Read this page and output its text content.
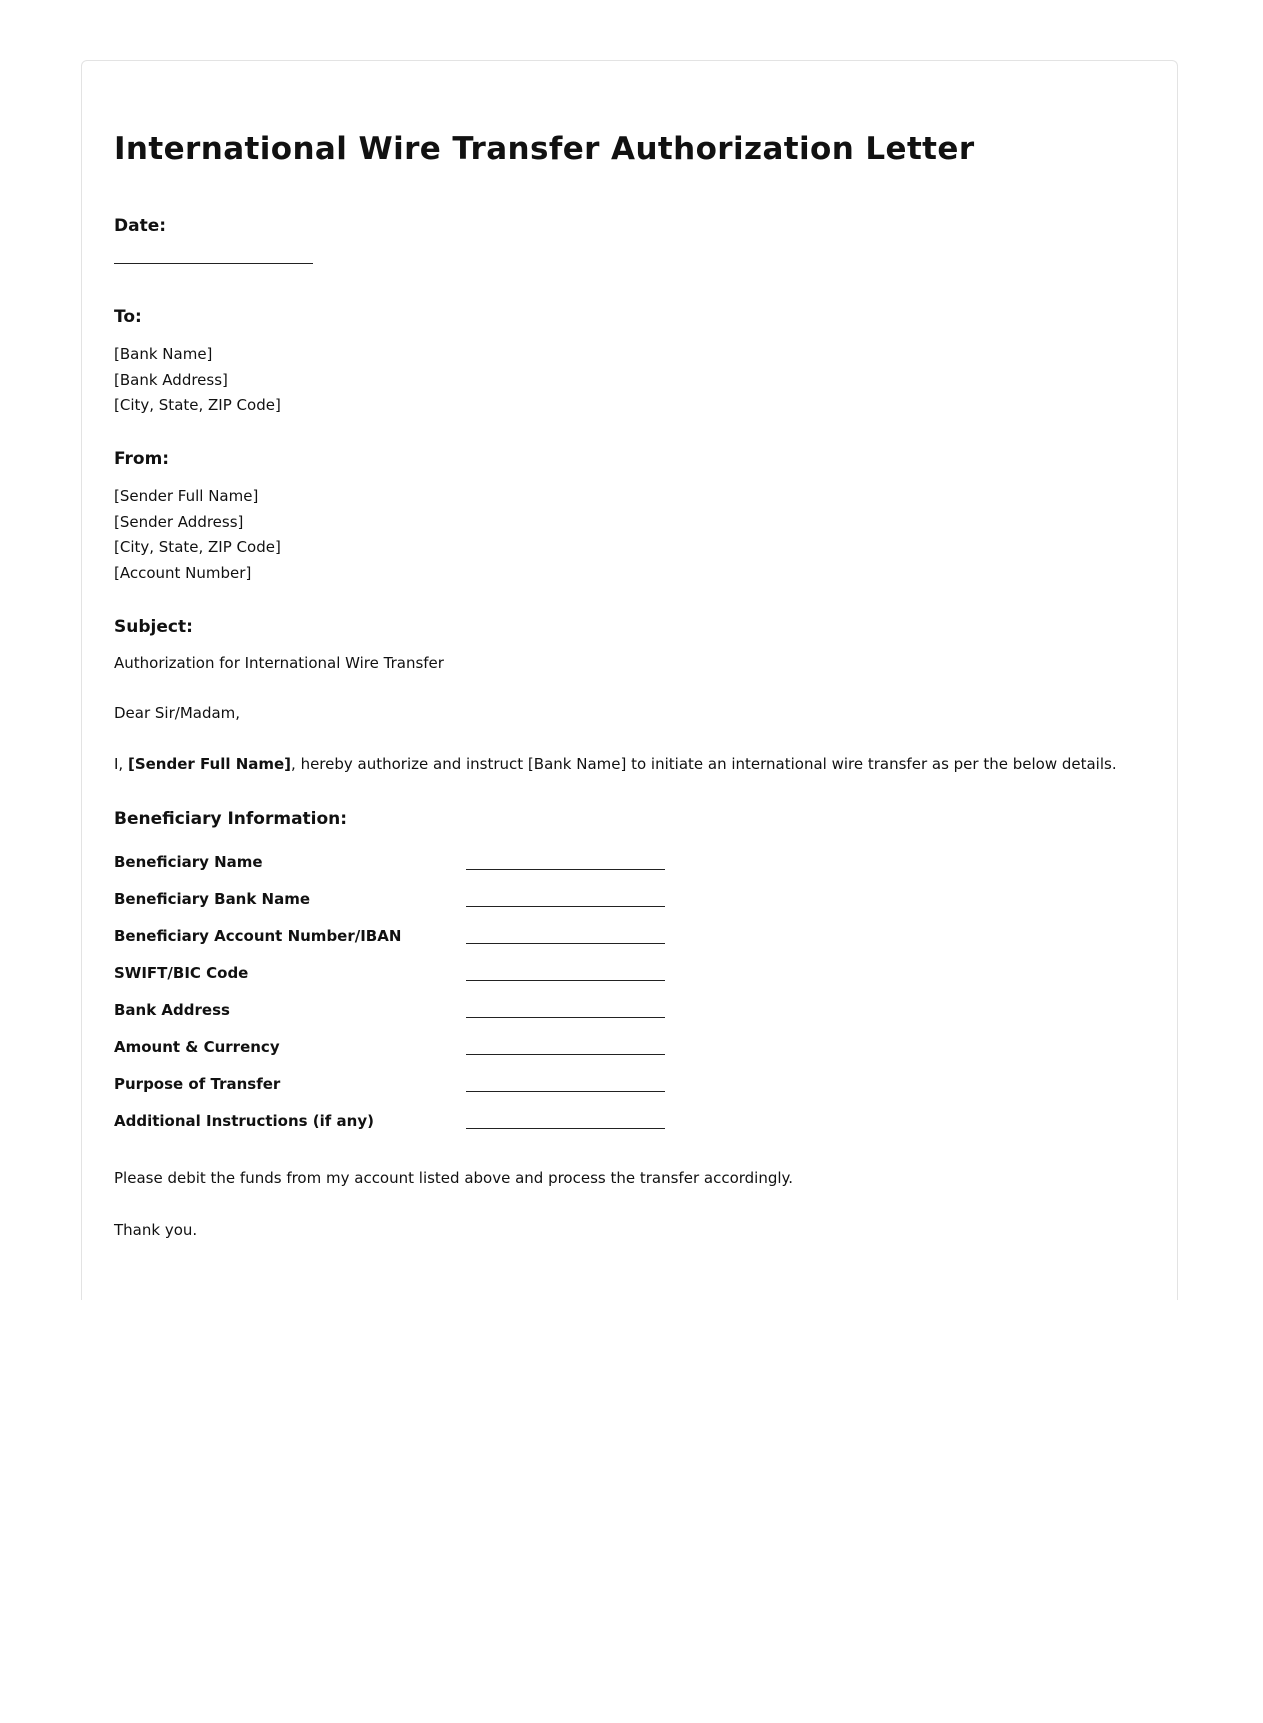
International Wire Transfer Authorization Letter
Date:
To:
[Bank Name]
[Bank Address]
[City, State, ZIP Code]
From:
[Sender Full Name]
[Sender Address]
[City, State, ZIP Code]
[Account Number]
Subject:
Authorization for International Wire Transfer
Dear Sir/Madam,
I, [Sender Full Name], hereby authorize and instruct [Bank Name] to initiate an international wire transfer as per the below details.
Beneficiary Information:
Beneficiary Name
Beneficiary Bank Name
Beneficiary Account Number/IBAN
SWIFT/BIC Code
Bank Address
Amount & Currency
Purpose of Transfer
Additional Instructions (if any)
Please debit the funds from my account listed above and process the transfer accordingly.
Thank you.
